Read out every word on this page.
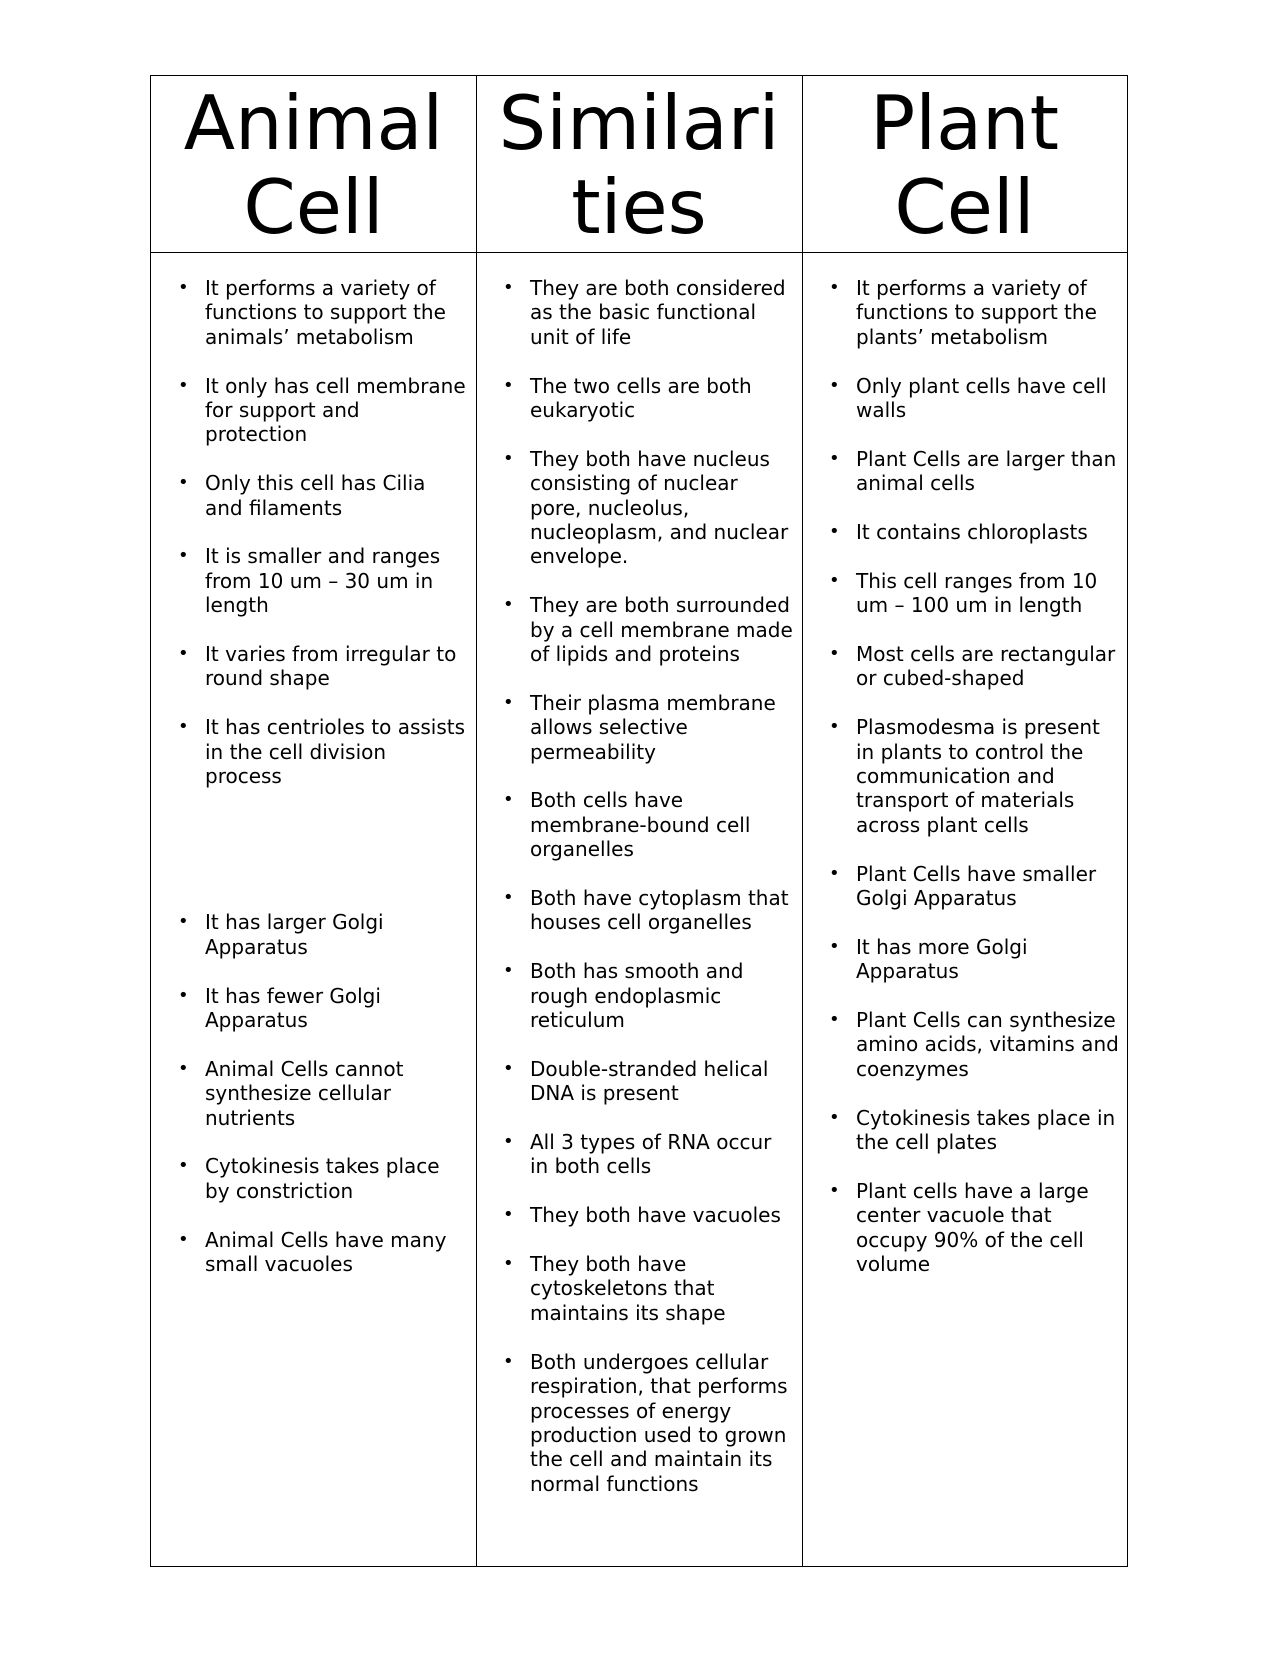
Animal
Cell
Similari
ties
Plant
Cell
• It performs a variety of functions to support the animals’ metabolism
• It only has cell membrane for support and protection
• Only this cell has Cilia and filaments
• It is smaller and ranges from 10 um – 30 um in length
• It varies from irregular to round shape
• It has centrioles to assists in the cell division process
• It has larger Golgi Apparatus
• It has fewer Golgi Apparatus
• Animal Cells cannot synthesize cellular nutrients
• Cytokinesis takes place by constriction
• Animal Cells have many small vacuoles
• They are both considered as the basic functional unit of life
• The two cells are both eukaryotic
• They both have nucleus consisting of nuclear pore, nucleolus, nucleoplasm, and nuclear envelope.
• They are both surrounded by a cell membrane made of lipids and proteins
• Their plasma membrane allows selective permeability
• Both cells have membrane-bound cell organelles
• Both have cytoplasm that houses cell organelles
• Both has smooth and rough endoplasmic reticulum
• Double-stranded helical DNA is present
• All 3 types of RNA occur in both cells
• They both have vacuoles
• They both have cytoskeletons that maintains its shape
• Both undergoes cellular respiration, that performs processes of energy production used to grown the cell and maintain its normal functions
• It performs a variety of functions to support the plants’ metabolism
• Only plant cells have cell walls
• Plant Cells are larger than animal cells
• It contains chloroplasts
• This cell ranges from 10 um – 100 um in length
• Most cells are rectangular or cubed-shaped
• Plasmodesma is present in plants to control the communication and transport of materials across plant cells
• Plant Cells have smaller Golgi Apparatus
• It has more Golgi Apparatus
• Plant Cells can synthesize amino acids, vitamins and coenzymes
• Cytokinesis takes place in the cell plates
• Plant cells have a large center vacuole that occupy 90% of the cell volume
